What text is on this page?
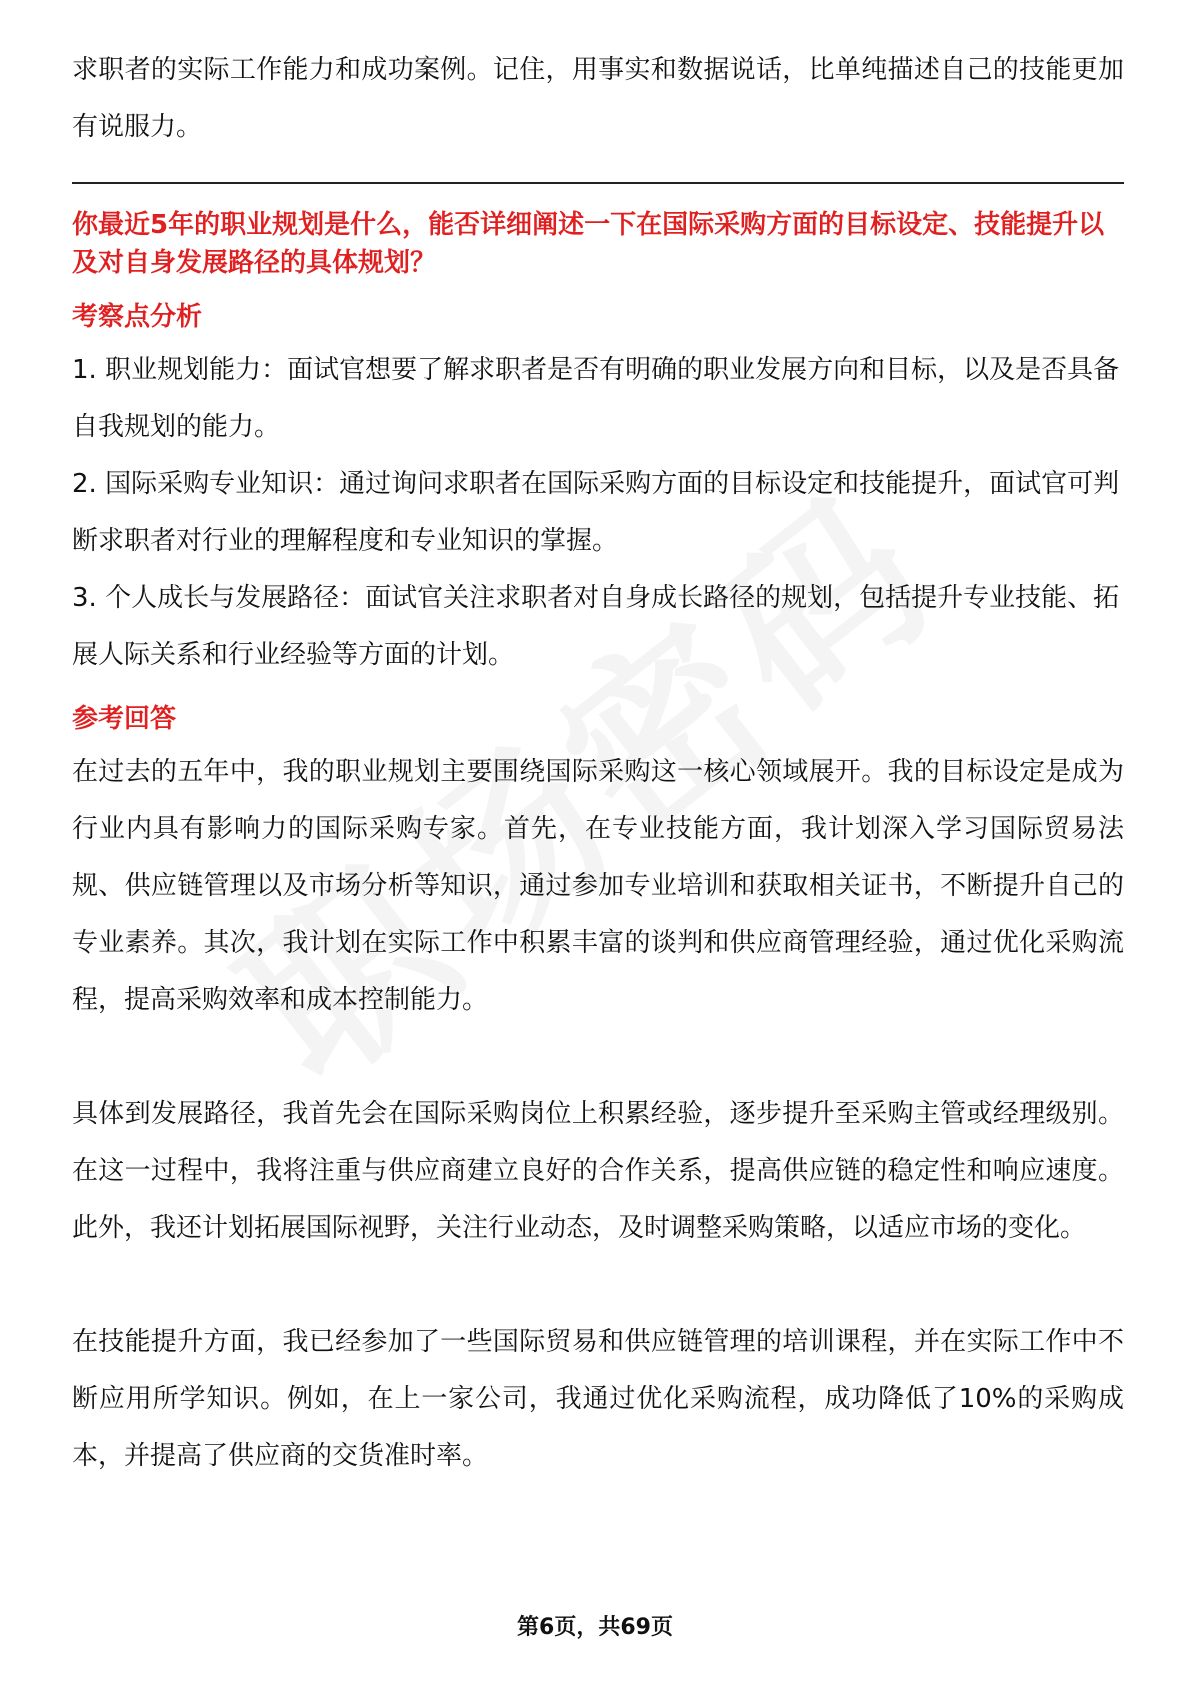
求职者的实际工作能力和成功案例。记住，用事实和数据说话，比单纯描述自己的技能更加有说服力。

你最近5年的职业规划是什么，能否详细阐述一下在国际采购方面的目标设定、技能提升以及对自身发展路径的具体规划？

考察点分析

1. 职业规划能力：面试官想要了解求职者是否有明确的职业发展方向和目标，以及是否具备自我规划的能力。

2. 国际采购专业知识：通过询问求职者在国际采购方面的目标设定和技能提升，面试官可判断求职者对行业的理解程度和专业知识的掌握。

3. 个人成长与发展路径：面试官关注求职者对自身成长路径的规划，包括提升专业技能、拓展人际关系和行业经验等方面的计划。

参考回答

在过去的五年中，我的职业规划主要围绕国际采购这一核心领域展开。我的目标设定是成为行业内具有影响力的国际采购专家。首先，在专业技能方面，我计划深入学习国际贸易法规、供应链管理以及市场分析等知识，通过参加专业培训和获取相关证书，不断提升自己的专业素养。其次，我计划在实际工作中积累丰富的谈判和供应商管理经验，通过优化采购流程，提高采购效率和成本控制能力。

具体到发展路径，我首先会在国际采购岗位上积累经验，逐步提升至采购主管或经理级别。在这一过程中，我将注重与供应商建立良好的合作关系，提高供应链的稳定性和响应速度。此外，我还计划拓展国际视野，关注行业动态，及时调整采购策略，以适应市场的变化。

在技能提升方面，我已经参加了一些国际贸易和供应链管理的培训课程，并在实际工作中不断应用所学知识。例如，在上一家公司，我通过优化采购流程，成功降低了10%的采购成本，并提高了供应商的交货准时率。

第6页，共69页
